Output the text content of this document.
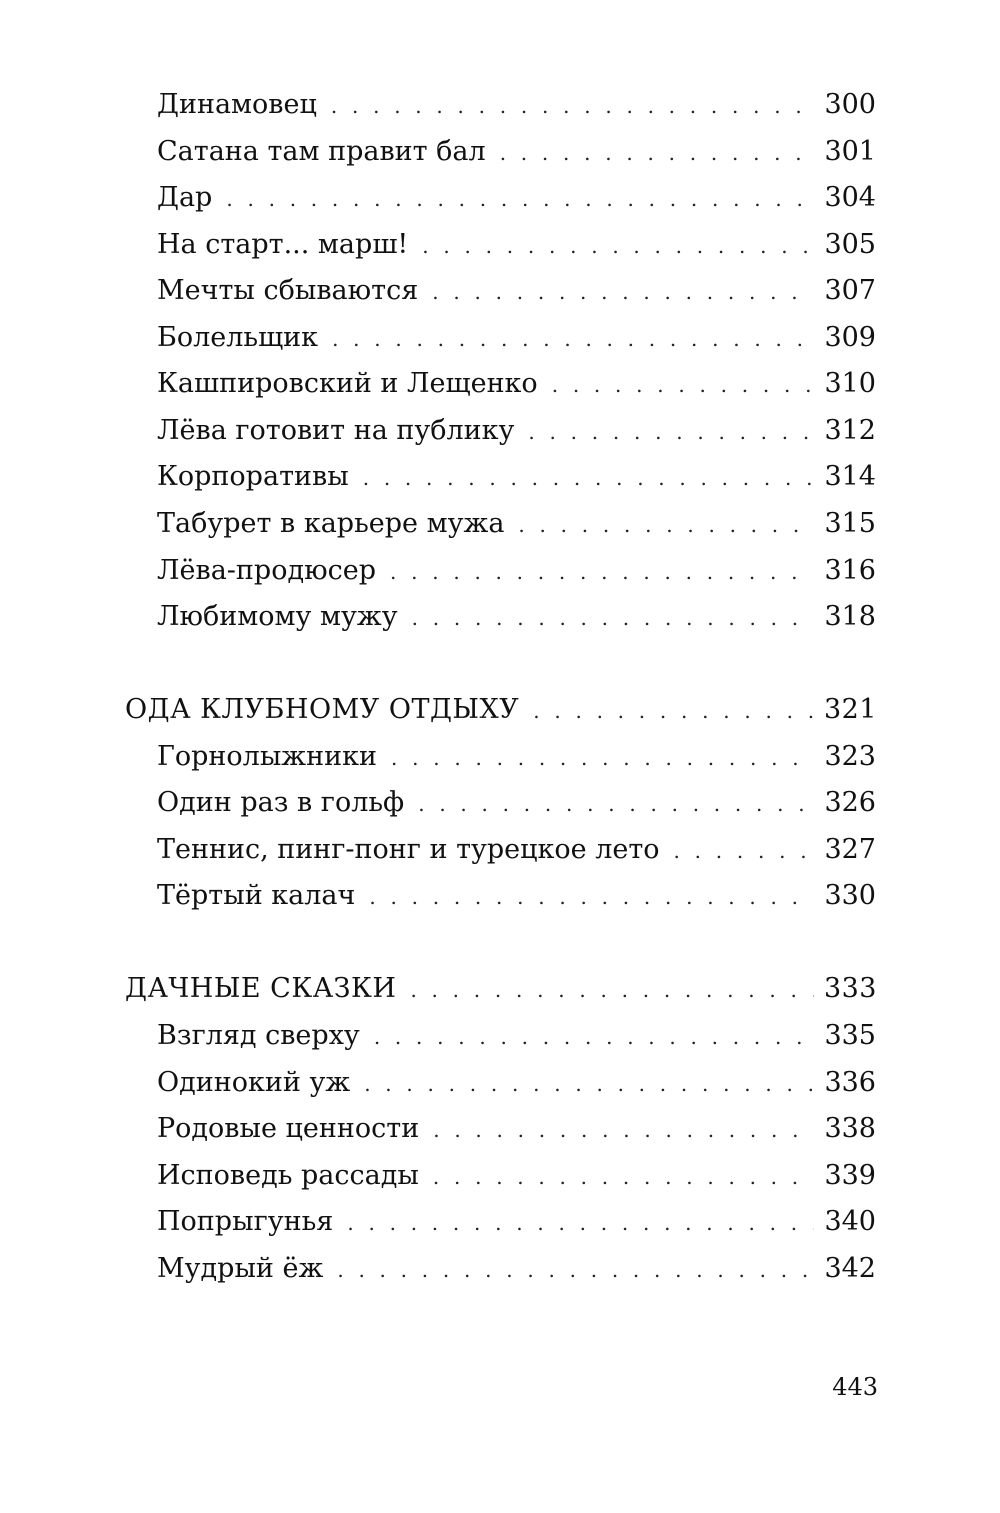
Динамовец . . .	300
Сатана там правит бал . . .	301
Дар . . .	304
На старт... марш! . . .	305
Мечты сбываются . . .	307
Болельщик . . .	309
Кашпировский и Лещенко . . .	310
Лёва готовит на публику . . .	312
Корпоративы . . .	314
Табурет в карьере мужа . . .	315
Лёва-продюсер . . .	316
Любимому мужу . . .	318
ОДА КЛУБНОМУ ОТДЫХУ . . .	321
Горнолыжники . . .	323
Один раз в гольф . . .	326
Теннис, пинг-понг и турецкое лето . . .	327
Тёртый калач . . .	330
ДАЧНЫЕ СКАЗКИ . . .	333
Взгляд сверху . . .	335
Одинокий уж . . .	336
Родовые ценности . . .	338
Исповедь рассады . . .	339
Попрыгунья . . .	340
Мудрый ёж . . .	342
443
